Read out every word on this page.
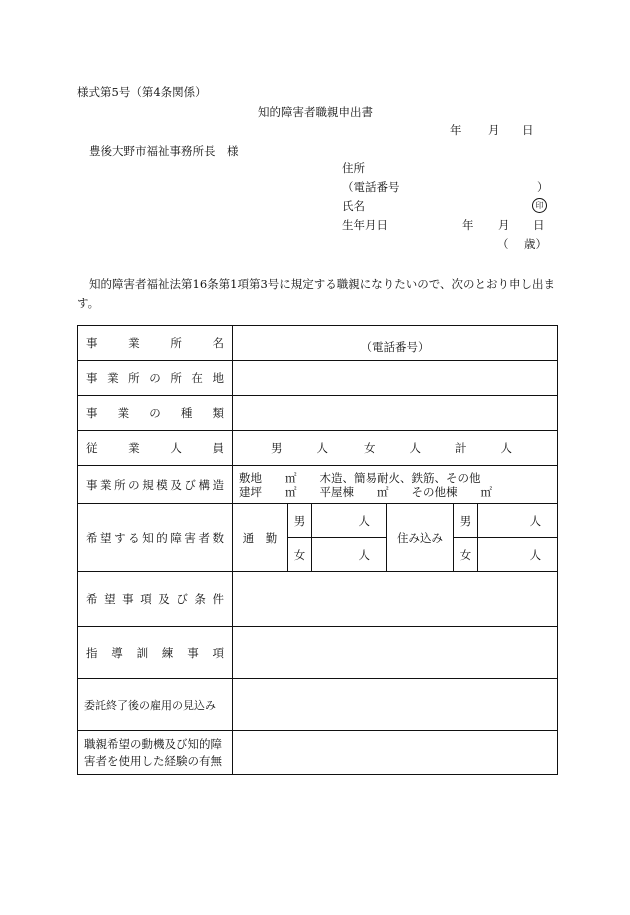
様式第5号（第4条関係）
知的障害者職親申出書
年 月 日
豊後大野市福祉事務所長　様
住所
（電話番号	）
氏名	印
生年月日	年 月 日
（ 歳）
知的障害者福祉法第16条第1項第3号に規定する職親になりたいので、次のとおり申し出ます。
事業所名	（電話番号）					
事業所の所在地						
事業の種類						
従業人員	男 人 女 人 計 人					
事業所の規模及び構造	敷地　　㎡　　木造、簡易耐火、鉄筋、その他
建坪　　㎡　　平屋棟　　㎡　　その他棟　　㎡					

希望する知的障害者数	通　勤	男	人	住み込み	男	人
		女	人		女	人
希望事項及び条件						
指導訓練事項						
委託終了後の雇用の見込み						

職親希望の動機及び知的障
害者を使用した経験の有無						
